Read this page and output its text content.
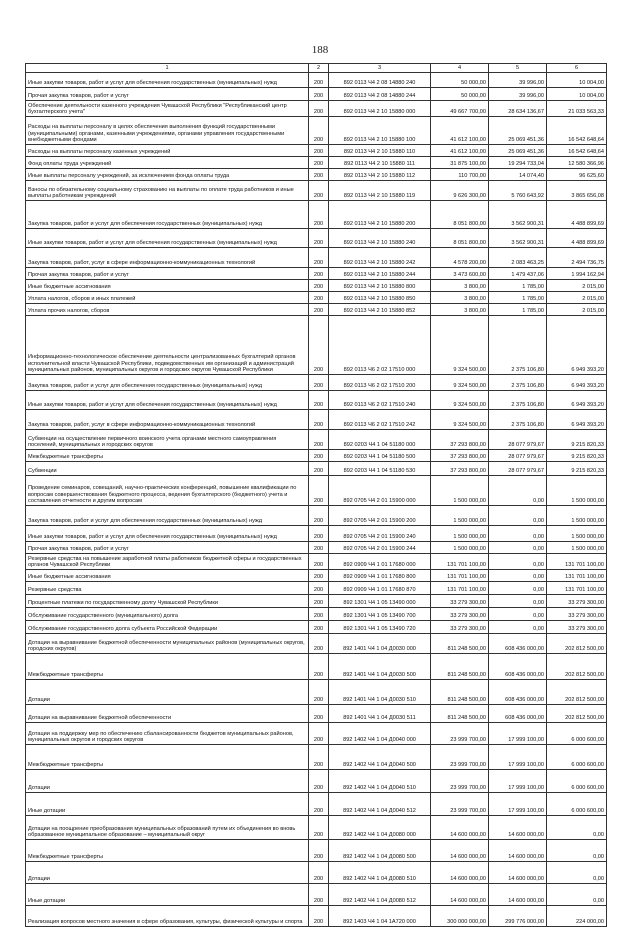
188
1	2	3	4	5	6
Иные закупки товаров, работ и услуг для обеспечения государственных (муниципальных) нужд	200	892 0113 Ч4 2 08 14880 240	50 000,00	39 996,00	10 004,00
Прочая закупка товаров, работ и услуг	200	892 0113 Ч4 2 08 14880 244	50 000,00	39 996,00	10 004,00
Обеспечение деятельности казенного учреждения Чувашской Республики "Республиканский центр бухгалтерского учета"	200	892 0113 Ч4 2 10 15880 000	49 667 700,00	28 634 136,67	21 033 563,33
Расходы на выплаты персоналу в целях обеспечения выполнения функций государственными (муниципальными) органами, казенными учреждениями, органами управления государственными внебюджетными фондами	200	892 0113 Ч4 2 10 15880 100	41 612 100,00	25 069 451,36	16 542 648,64
Расходы на выплаты персоналу казенных учреждений	200	892 0113 Ч4 2 10 15880 110	41 612 100,00	25 069 451,36	16 542 648,64
Фонд оплаты труда учреждений	200	892 0113 Ч4 2 10 15880 111	31 875 100,00	19 294 733,04	12 580 366,96
Иные выплаты персоналу учреждений, за исключением фонда оплаты труда	200	892 0113 Ч4 2 10 15880 112	110 700,00	14 074,40	96 625,60
Взносы по обязательному социальному страхованию на выплаты по оплате труда работников и иные выплаты работникам учреждений	200	892 0113 Ч4 2 10 15880 119	9 626 300,00	5 760 643,92	3 865 656,08
Закупка товаров, работ и услуг для обеспечения государственных (муниципальных) нужд	200	892 0113 Ч4 2 10 15880 200	8 051 800,00	3 562 900,31	4 488 899,69
Иные закупки товаров, работ и услуг для обеспечения государственных (муниципальных) нужд	200	892 0113 Ч4 2 10 15880 240	8 051 800,00	3 562 900,31	4 488 899,69
Закупка товаров, работ, услуг в сфере информационно-коммуникационных технологий	200	892 0113 Ч4 2 10 15880 242	4 578 200,00	2 083 463,25	2 494 736,75
Прочая закупка товаров, работ и услуг	200	892 0113 Ч4 2 10 15880 244	3 473 600,00	1 479 437,06	1 994 162,94
Иные бюджетные ассигнования	200	892 0113 Ч4 2 10 15880 800	3 800,00	1 785,00	2 015,00
Уплата налогов, сборов и иных платежей	200	892 0113 Ч4 2 10 15880 850	3 800,00	1 785,00	2 015,00
Уплата прочих налогов, сборов	200	892 0113 Ч4 2 10 15880 852	3 800,00	1 785,00	2 015,00
Информационно-технологическое обеспечение деятельности централизованных бухгалтерий органов исполнительной власти Чувашской Республики, подведомственных им организаций и администраций муниципальных районов, муниципальных округов и городских округов Чувашской Республики	200	892 0113 Ч6 2 02 17510 000	9 324 500,00	2 375 106,80	6 949 393,20
Закупка товаров, работ и услуг для обеспечения государственных (муниципальных) нужд	200	892 0113 Ч6 2 02 17510 200	9 324 500,00	2 375 106,80	6 949 393,20
Иные закупки товаров, работ и услуг для обеспечения государственных (муниципальных) нужд	200	892 0113 Ч6 2 02 17510 240	9 324 500,00	2 375 106,80	6 949 393,20
Закупка товаров, работ, услуг в сфере информационно-коммуникационных технологий	200	892 0113 Ч6 2 02 17510 242	9 324 500,00	2 375 106,80	6 949 393,20
Субвенции на осуществление первичного воинского учета органами местного самоуправления поселений, муниципальных и городских округов	200	892 0203 Ч4 1 04 51180 000	37 293 800,00	28 077 979,67	9 215 820,33
Межбюджетные трансферты	200	892 0203 Ч4 1 04 51180 500	37 293 800,00	28 077 979,67	9 215 820,33
Субвенции	200	892 0203 Ч4 1 04 51180 530	37 293 800,00	28 077 979,67	9 215 820,33
Проведение семинаров, совещаний, научно-практических конференций, повышение квалификации по вопросам совершенствования бюджетного процесса, ведения бухгалтерского (бюджетного) учета и составления отчетности и другим вопросам	200	892 0705 Ч4 2 01 15900 000	1 500 000,00	0,00	1 500 000,00
Закупка товаров, работ и услуг для обеспечения государственных (муниципальных) нужд	200	892 0705 Ч4 2 01 15900 200	1 500 000,00	0,00	1 500 000,00
Иные закупки товаров, работ и услуг для обеспечения государственных (муниципальных) нужд	200	892 0705 Ч4 2 01 15900 240	1 500 000,00	0,00	1 500 000,00
Прочая закупка товаров, работ и услуг	200	892 0705 Ч4 2 01 15900 244	1 500 000,00	0,00	1 500 000,00
Резервные средства на повышение заработной платы работников бюджетной сферы и государственных органов Чувашской Республики	200	892 0909 Ч4 1 01 17680 000	131 701 100,00	0,00	131 701 100,00
Иные бюджетные ассигнования	200	892 0909 Ч4 1 01 17680 800	131 701 100,00	0,00	131 701 100,00
Резервные средства	200	892 0909 Ч4 1 01 17680 870	131 701 100,00	0,00	131 701 100,00
Процентные платежи по государственному долгу Чувашской Республики	200	892 1301 Ч4 1 05 13490 000	33 279 300,00	0,00	33 279 300,00
Обслуживание государственного (муниципального) долга	200	892 1301 Ч4 1 05 13490 700	33 279 300,00	0,00	33 279 300,00
Обслуживание государственного долга субъекта Российской Федерации	200	892 1301 Ч4 1 05 13490 720	33 279 300,00	0,00	33 279 300,00
Дотации на выравнивание бюджетной обеспеченности муниципальных районов (муниципальных округов, городских округов)	200	892 1401 Ч4 1 04 Д0030 000	811 248 500,00	608 436 000,00	202 812 500,00
Межбюджетные трансферты	200	892 1401 Ч4 1 04 Д0030 500	811 248 500,00	608 436 000,00	202 812 500,00
Дотации	200	892 1401 Ч4 1 04 Д0030 510	811 248 500,00	608 436 000,00	202 812 500,00
Дотации на выравнивание бюджетной обеспеченности	200	892 1401 Ч4 1 04 Д0030 511	811 248 500,00	608 436 000,00	202 812 500,00
Дотации на поддержку мер по обеспечению сбалансированности бюджетов муниципальных районов, муниципальных округов и городских округов	200	892 1402 Ч4 1 04 Д0040 000	23 999 700,00	17 999 100,00	6 000 600,00
Межбюджетные трансферты	200	892 1402 Ч4 1 04 Д0040 500	23 999 700,00	17 999 100,00	6 000 600,00
Дотации	200	892 1402 Ч4 1 04 Д0040 510	23 999 700,00	17 999 100,00	6 000 600,00
Иные дотации	200	892 1402 Ч4 1 04 Д0040 512	23 999 700,00	17 999 100,00	6 000 600,00
Дотации на поощрение преобразования муниципальных образований путем их объединения во вновь образованное муниципальное образование – муниципальный округ	200	892 1402 Ч4 1 04 Д0080 000	14 600 000,00	14 600 000,00	0,00
Межбюджетные трансферты	200	892 1402 Ч4 1 04 Д0080 500	14 600 000,00	14 600 000,00	0,00
Дотации	200	892 1402 Ч4 1 04 Д0080 510	14 600 000,00	14 600 000,00	0,00
Иные дотации	200	892 1402 Ч4 1 04 Д0080 512	14 600 000,00	14 600 000,00	0,00
Реализация вопросов местного значения в сфере образования, культуры, физической культуры и спорта	200	892 1403 Ч4 1 04 1А720 000	300 000 000,00	299 776 000,00	224 000,00
